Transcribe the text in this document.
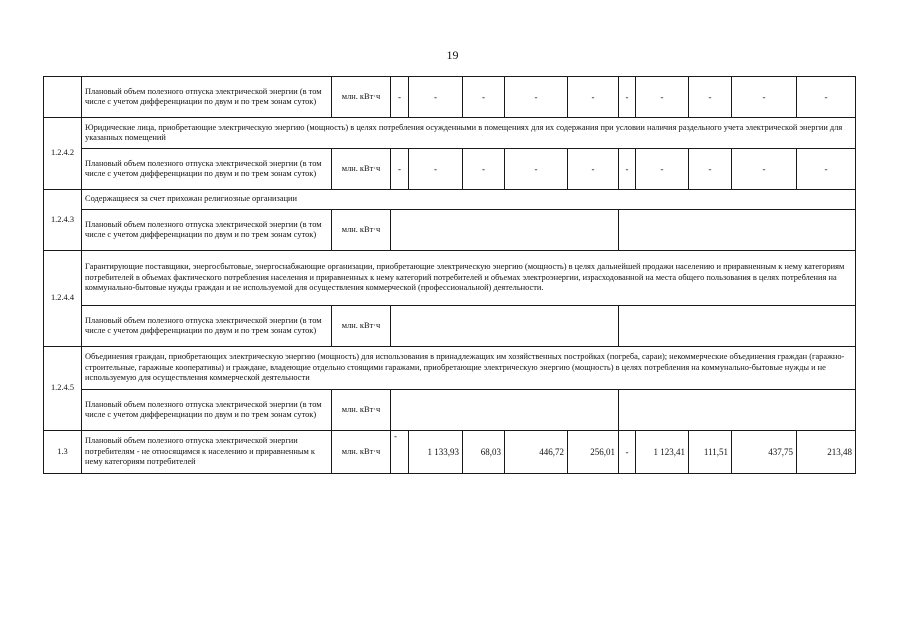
19
	Плановый объем полезного отпуска электрической энергии (в том числе с учетом дифференциации по двум и по трем зонам суток)	млн. кВт·ч	-	-	-	-	-	-	-	-	-	-
1.2.4.2	Юридические лица, приобретающие электрическую энергию (мощность) в целях потребления осужденными в помещениях для их содержания при условии наличия раздельного учета электрической энергии для указанных помещений											
	Плановый объем полезного отпуска электрической энергии (в том числе с учетом дифференциации по двум и по трем зонам суток)	млн. кВт·ч	-	-	-	-	-	-	-	-	-	-
1.2.4.3	Содержащиеся за счет прихожан религиозные организации											
	Плановый объем полезного отпуска электрической энергии (в том числе с учетом дифференциации по двум и по трем зонам суток)	млн. кВт·ч										
1.2.4.4	Гарантирующие поставщики, энергосбытовые, энергоснабжающие организации, приобретающие электрическую энергию (мощность) в целях дальнейшей продажи населению и приравненным к нему категориям потребителей в объемах фактического потребления населения и приравненных к нему категорий потребителей и объемах электроэнергии, израсходованной на места общего пользования в целях потребления на коммунально-бытовые нужды граждан и не используемой для осуществления коммерческой (профессиональной) деятельности.											
	Плановый объем полезного отпуска электрической энергии (в том числе с учетом дифференциации по двум и по трем зонам суток)	млн. кВт·ч										
1.2.4.5	Объединения граждан, приобретающих электрическую энергию (мощность) для использования в принадлежащих им хозяйственных постройках (погреба, сараи); некоммерческие объединения граждан (гаражно-строительные, гаражные кооперативы) и граждане, владеющие отдельно стоящими гаражами, приобретающие электрическую энергию (мощность) в целях потребления на коммунально-бытовые нужды и не используемую для осуществления коммерческой деятельности											
	Плановый объем полезного отпуска электрической энергии (в том числе с учетом дифференциации по двум и по трем зонам суток)	млн. кВт·ч										
1.3	Плановый объем полезного отпуска электрической энергии потребителям - не относящимся к населению и приравненным к нему категориям потребителей	млн. кВт·ч	-	1 133,93	68,03	446,72	256,01	-	1 123,41	111,51	437,75	213,48
